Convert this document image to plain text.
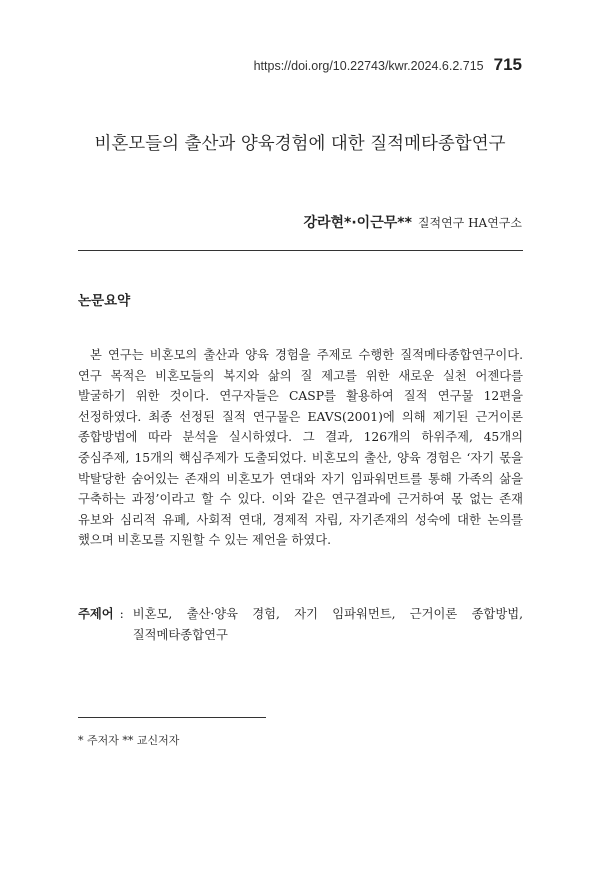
https://doi.org/10.22743/kwr.2024.6.2.715 715
비혼모들의 출산과 양육경험에 대한 질적메타종합연구
강라현*·이근무** 질적연구 HA연구소
논문요약

본 연구는 비혼모의 출산과 양육 경험을 주제로 수행한 질적메타종합연구이다. 연구 목적은 비혼모들의 복지와 삶의 질 제고를 위한 새로운 실천 어젠다를 발굴하기 위한 것이다. 연구자들은 CASP를 활용하여 질적 연구물 12편을 선정하였다. 최종 선정된 질적 연구물은 EAVS(2001)에 의해 제기된 근거이론 종합방법에 따라 분석을 실시하였다. 그 결과, 126개의 하위주제, 45개의 중심주제, 15개의 핵심주제가 도출되었다. 비혼모의 출산, 양육 경험은 ‘자기 몫을 박탈당한 숨어있는 존재의 비혼모가 연대와 자기 임파워먼트를 통해 가족의 삶을 구축하는 과정’이라고 할 수 있다. 이와 같은 연구결과에 근거하여 몫 없는 존재 유보와 심리적 유폐, 사회적 연대, 경제적 자립, 자기존재의 성숙에 대한 논의를 했으며 비혼모를 지원할 수 있는 제언을 하였다.

주제어 : 비혼모, 출산·양육 경험, 자기 임파워먼트, 근거이론 종합방법, 질적메타종합연구
* 주저자 ** 교신저자
